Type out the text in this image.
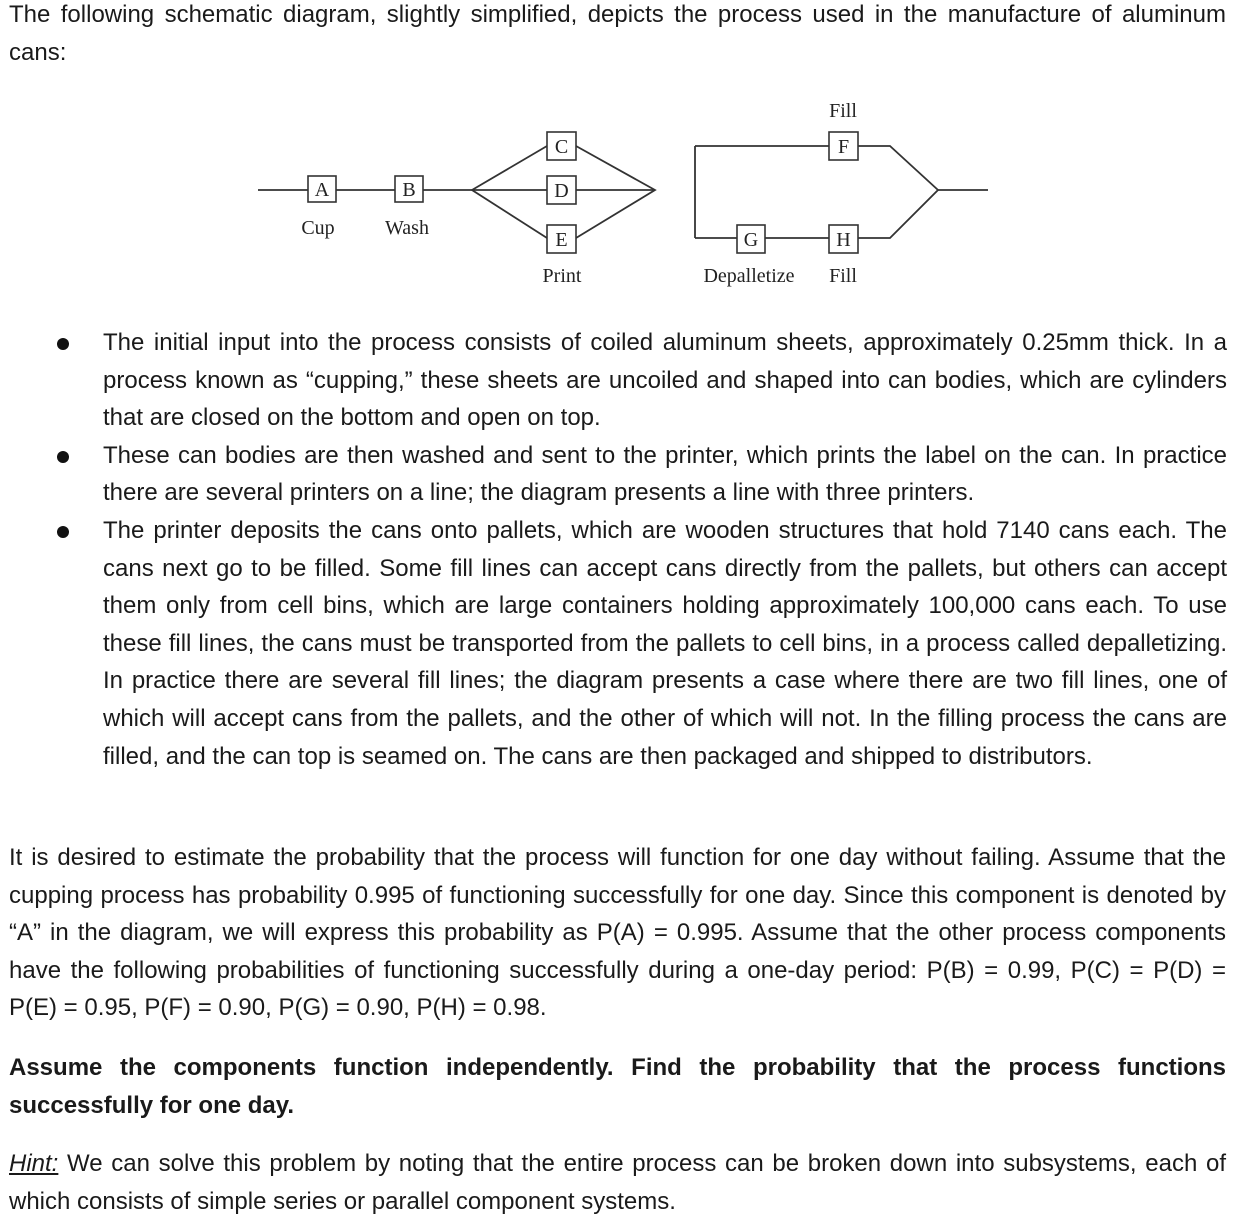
The following schematic diagram, slightly simplified, depicts the process used in the manufacture of aluminum cans:

A	B
C
D
E
F
G	H
Cup	Wash
Print
Fill
Depalletize Fill
The initial input into the process consists of coiled aluminum sheets, approximately 0.25mm thick. In a process known as “cupping,” these sheets are uncoiled and shaped into can bodies, which are cylinders that are closed on the bottom and open on top.
These can bodies are then washed and sent to the printer, which prints the label on the can. In practice there are several printers on a line; the diagram presents a line with three printers.
The printer deposits the cans onto pallets, which are wooden structures that hold 7140 cans each. The cans next go to be filled. Some fill lines can accept cans directly from the pallets, but others can accept them only from cell bins, which are large containers holding approximately 100,000 cans each. To use these fill lines, the cans must be transported from the pallets to cell bins, in a process called depalletizing. In practice there are several fill lines; the diagram presents a case where there are two fill lines, one of which will accept cans from the pallets, and the other of which will not. In the filling process the cans are filled, and the can top is seamed on. The cans are then packaged and shipped to distributors.

It is desired to estimate the probability that the process will function for one day without failing. Assume that the cupping process has probability 0.995 of functioning successfully for one day. Since this component is denoted by “A” in the diagram, we will express this probability as P(A) = 0.995. Assume that the other process components have the following probabilities of functioning successfully during a one-day period: P(B) = 0.99, P(C) = P(D) = P(E) = 0.95, P(F) = 0.90, P(G) = 0.90, P(H) = 0.98.

Assume the components function independently. Find the probability that the process functions successfully for one day.

Hint: We can solve this problem by noting that the entire process can be broken down into subsystems, each of which consists of simple series or parallel component systems.
